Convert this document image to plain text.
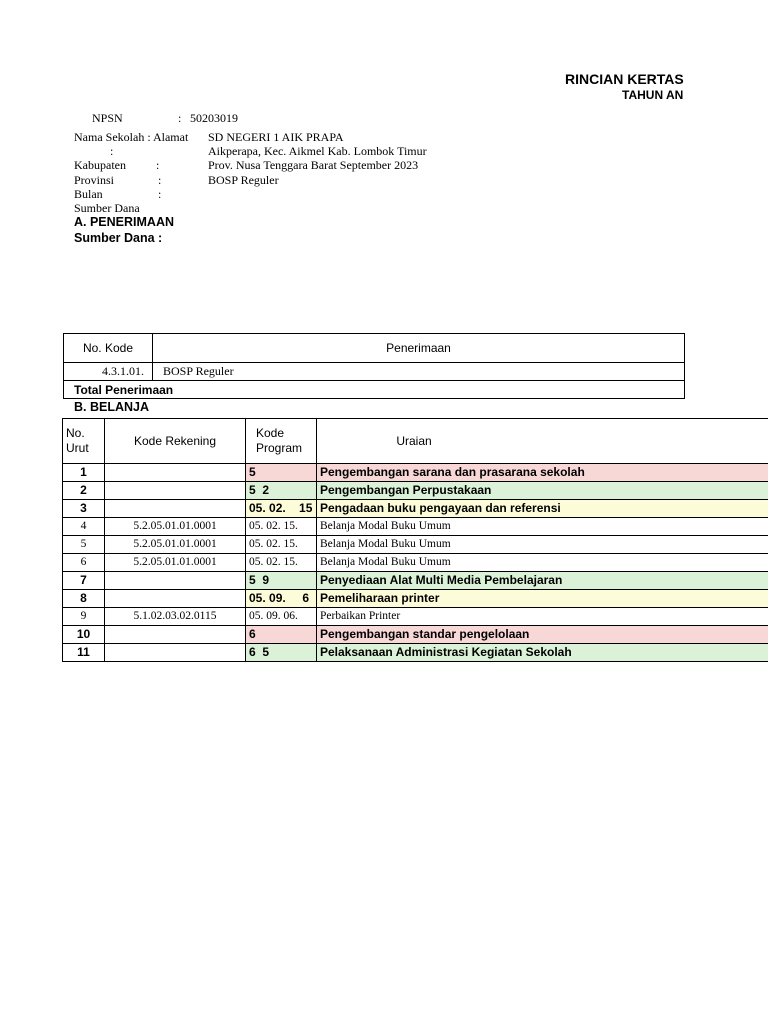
RINCIAN KERTAS
TAHUN AN
NPSN	: 50203019
Nama Sekolah : Alamat SD NEGERI 1 AIK PRAPA
:	Aikperapa, Kec. Aikmel Kab. Lombok Timur
Kabupaten	:	Prov. Nusa Tenggara Barat September 2023
Provinsi	:	BOSP Reguler
Bulan	:
Sumber Dana
A. PENERIMAAN
Sumber Dana :
No. Kode	Penerimaan
4.3.1.01.	BOSP Reguler
Total Penerimaan	
B. BELANJA
No. Urut	Kode Rekening	Kode Program	Uraian
1		5	Pengembangan sarana dan prasarana sekolah
2		5  2	Pengembangan Perpustakaan
3		05. 02.    15	Pengadaan buku pengayaan dan referensi
4	5.2.05.01.01.0001	05. 02. 15.	Belanja Modal Buku Umum
5	5.2.05.01.01.0001	05. 02. 15.	Belanja Modal Buku Umum
6	5.2.05.01.01.0001	05. 02. 15.	Belanja Modal Buku Umum
7		5  9	Penyediaan Alat Multi Media Pembelajaran
8		05. 09.     6	Pemeliharaan printer
9	5.1.02.03.02.0115	05. 09. 06.	Perbaikan Printer
10		6	Pengembangan standar pengelolaan
11		6  5	Pelaksanaan Administrasi Kegiatan Sekolah
